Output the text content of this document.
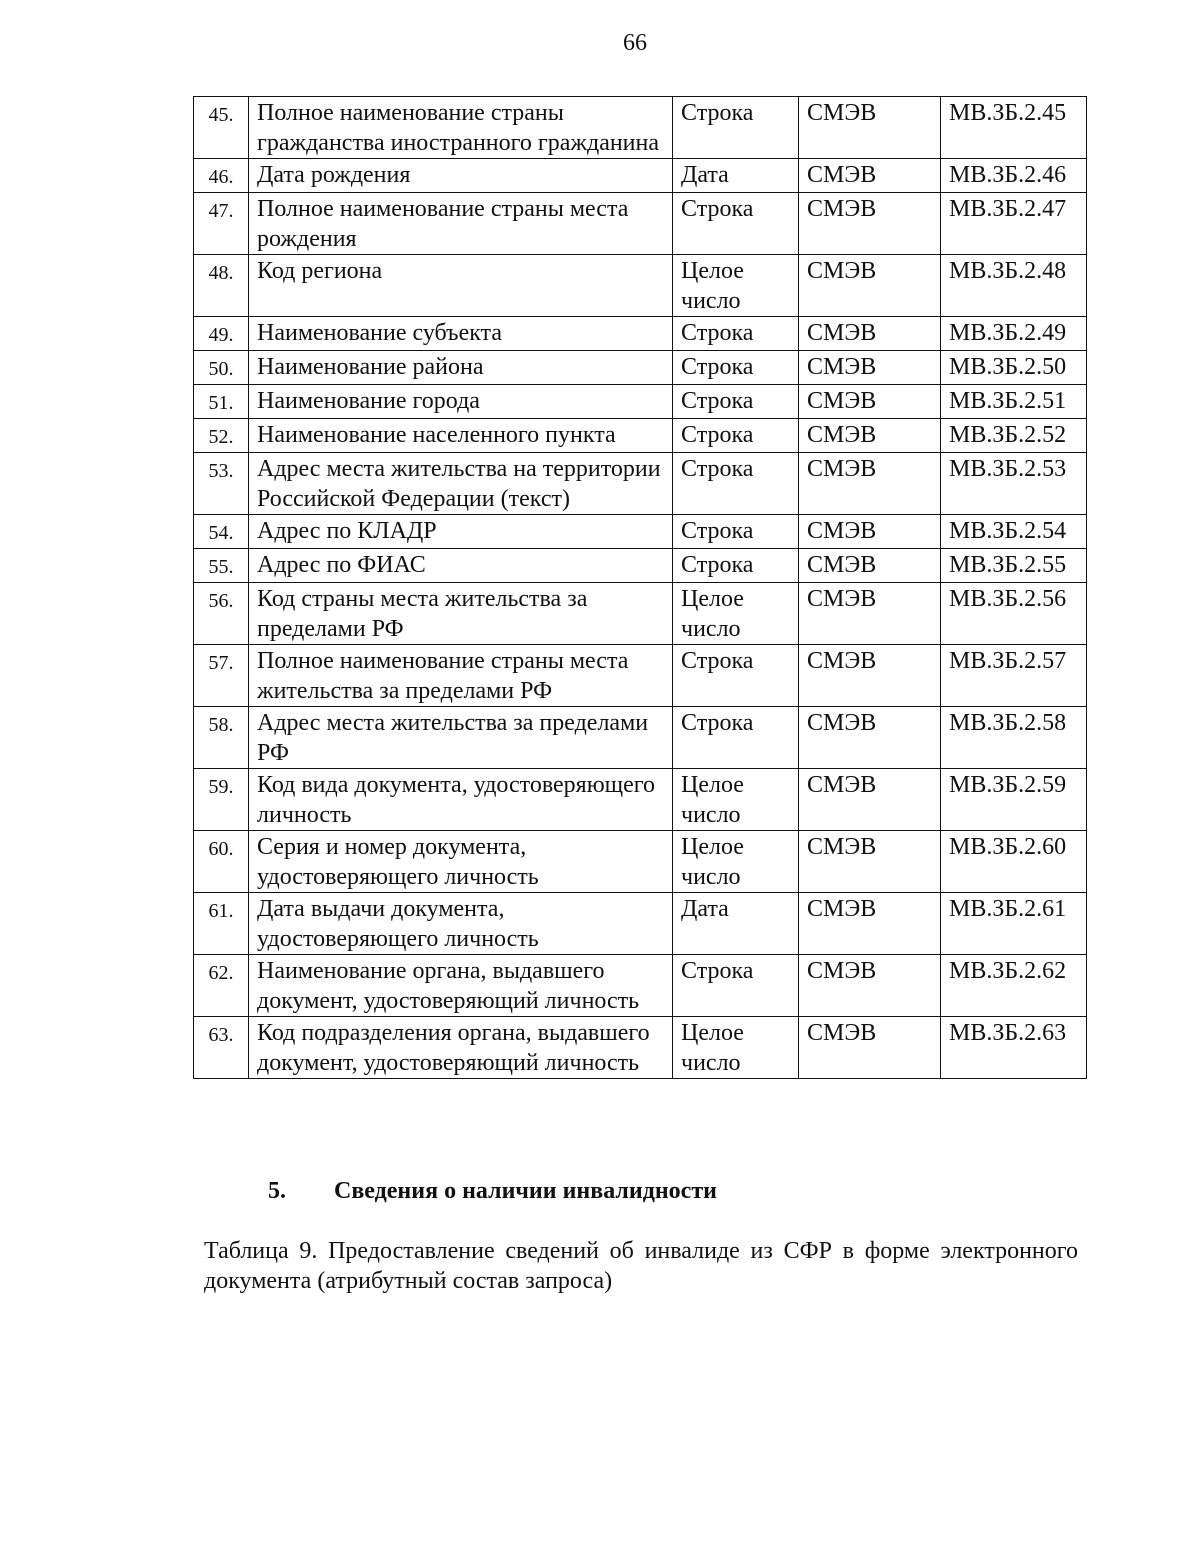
66
45.	Полное наименование страны гражданства иностранного гражданина	Строка	СМЭВ	МВ.ЗБ.2.45
46.	Дата рождения	Дата	СМЭВ	МВ.ЗБ.2.46
47.	Полное наименование страны места рождения	Строка	СМЭВ	МВ.ЗБ.2.47
48.	Код региона	Целое число	СМЭВ	МВ.ЗБ.2.48
49.	Наименование субъекта	Строка	СМЭВ	МВ.ЗБ.2.49
50.	Наименование района	Строка	СМЭВ	МВ.ЗБ.2.50
51.	Наименование города	Строка	СМЭВ	МВ.ЗБ.2.51
52.	Наименование населенного пункта	Строка	СМЭВ	МВ.ЗБ.2.52
53.	Адрес места жительства на территории Российской Федерации (текст)	Строка	СМЭВ	МВ.ЗБ.2.53
54.	Адрес по КЛАДР	Строка	СМЭВ	МВ.ЗБ.2.54
55.	Адрес по ФИАС	Строка	СМЭВ	МВ.ЗБ.2.55
56.	Код страны места жительства за пределами РФ	Целое число	СМЭВ	МВ.ЗБ.2.56
57.	Полное наименование страны места жительства за пределами РФ	Строка	СМЭВ	МВ.ЗБ.2.57
58.	Адрес места жительства за пределами РФ	Строка	СМЭВ	МВ.ЗБ.2.58
59.	Код вида документа, удостоверяющего личность	Целое число	СМЭВ	МВ.ЗБ.2.59
60.	Серия и номер документа, удостоверяющего личность	Целое число	СМЭВ	МВ.ЗБ.2.60
61.	Дата выдачи документа, удостоверяющего личность	Дата	СМЭВ	МВ.ЗБ.2.61
62.	Наименование органа, выдавшего документ, удостоверяющий личность	Строка	СМЭВ	МВ.ЗБ.2.62
63.	Код подразделения органа, выдавшего документ, удостоверяющий личность	Целое число	СМЭВ	МВ.ЗБ.2.63
5. Сведения о наличии инвалидности
Таблица 9. Предоставление сведений об инвалиде из СФР в форме электронного документа (атрибутный состав запроса)
